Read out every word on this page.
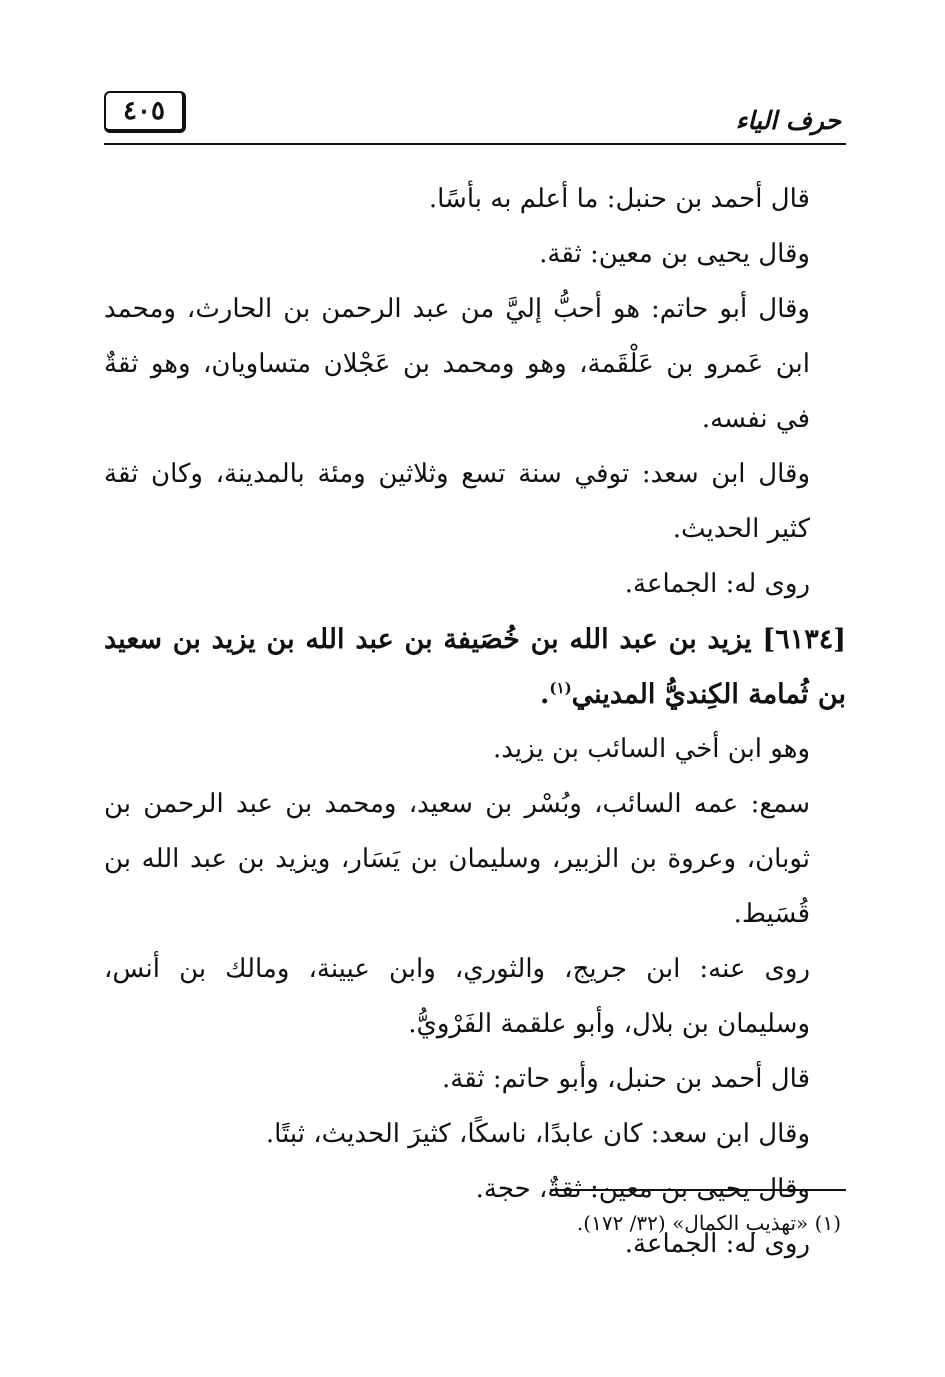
حرف الياء
٤٠٥

قال أحمد بن حنبل: ما أعلم به بأسًا.

وقال يحيى بن معين: ثقة.

وقال أبو حاتم: هو أحبُّ إليَّ من عبد الرحمن بن الحارث، ومحمد ابن عَمرو بن عَلْقَمة، وهو ومحمد بن عَجْلان متساويان، وهو ثقةٌ في نفسه.

وقال ابن سعد: توفي سنة تسع وثلاثين ومئة بالمدينة، وكان ثقة كثير الحديث.

روى له: الجماعة.

[٦١٣٤] يزيد بن عبد الله بن خُصَيفة بن عبد الله بن يزيد بن سعيد بن ثُمامة الكِنديُّ المديني$^{(١)}$.

وهو ابن أخي السائب بن يزيد.

سمع: عمه السائب، وبُسْر بن سعيد، ومحمد بن عبد الرحمن بن ثوبان، وعروة بن الزبير، وسليمان بن يَسَار، ويزيد بن عبد الله بن قُسَيط.

روى عنه: ابن جريج، والثوري، وابن عيينة، ومالك بن أنس، وسليمان بن بلال، وأبو علقمة الفَرْويُّ.

قال أحمد بن حنبل، وأبو حاتم: ثقة.

وقال ابن سعد: كان عابدًا، ناسكًا، كثيرَ الحديث، ثبتًا.

وقال يحيى بن معين: ثقةٌ، حجة.

روى له: الجماعة.

(١) «تهذيب الكمال» (٣٢/ ١٧٢).
